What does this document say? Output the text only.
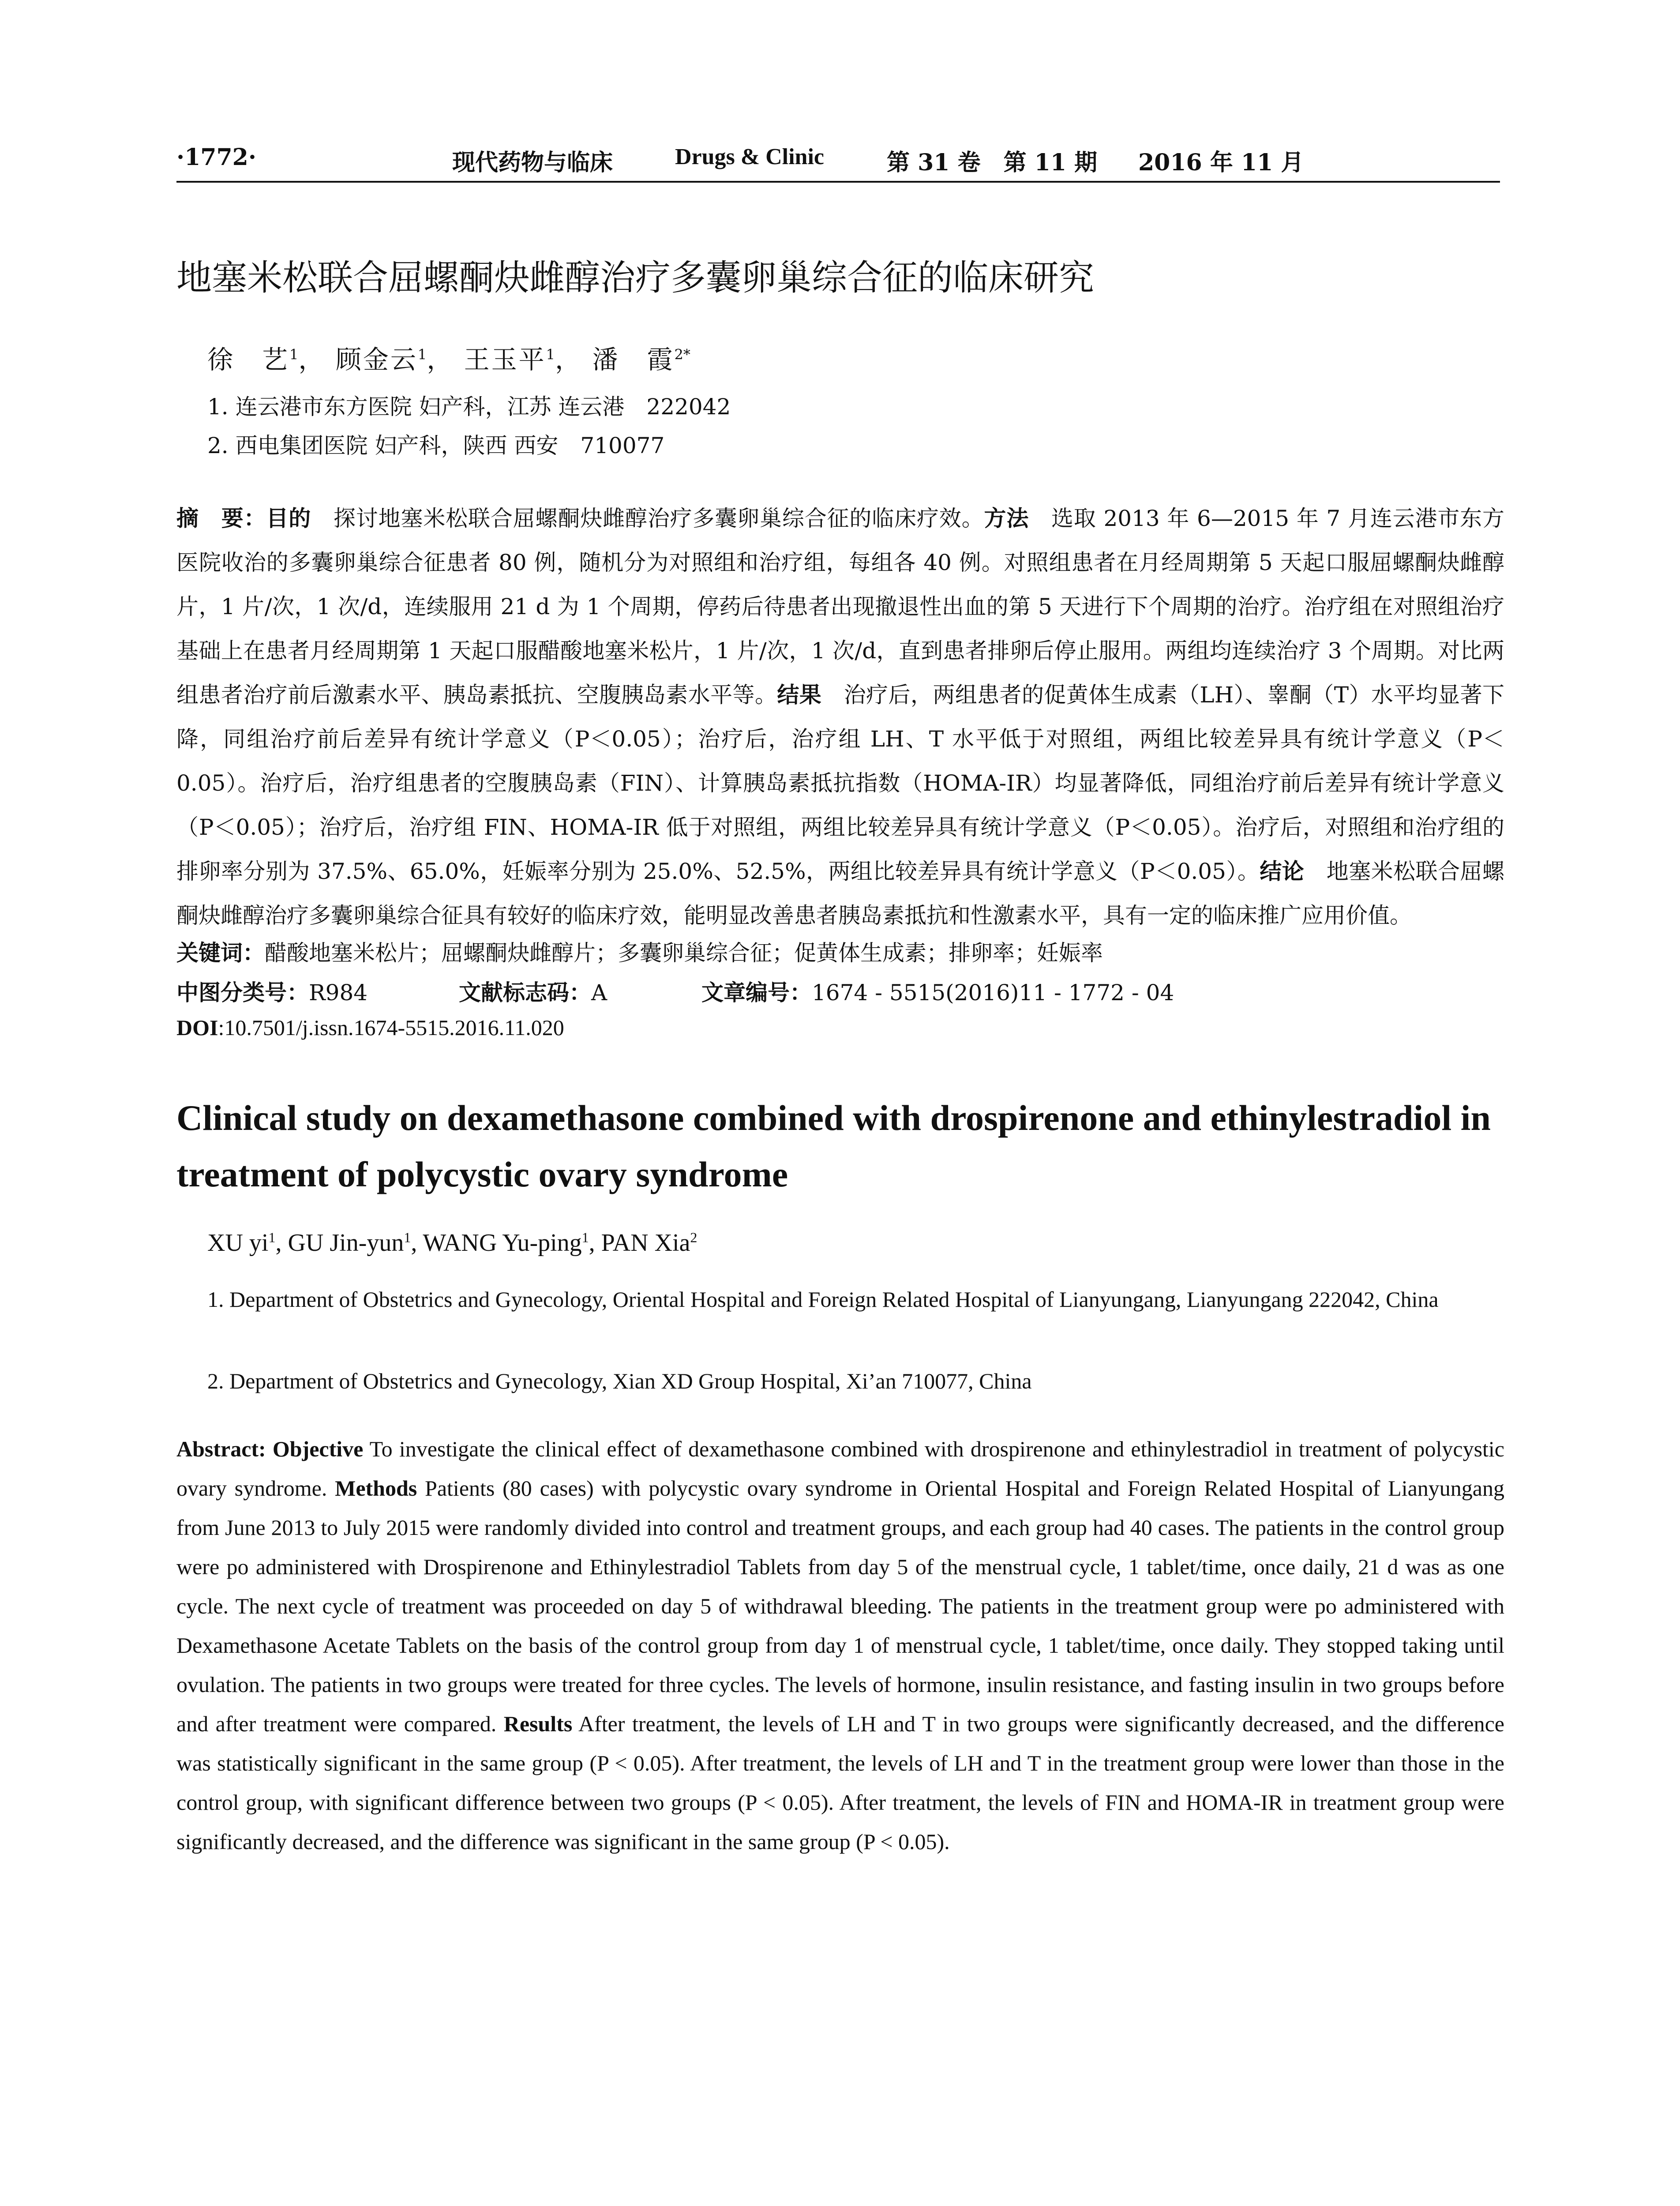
·1772·	现代药物与临床	Drugs & Clinic	第 31 卷　第 11 期 2016 年 11 月
地塞米松联合屈螺酮炔雌醇治疗多囊卵巢综合征的临床研究
徐　艺$^1$， 顾金云$^1$， 王玉平$^1$， 潘　霞$^{2*}$
1. 连云港市东方医院 妇产科，江苏 连云港　222042
2. 西电集团医院 妇产科，陕西 西安　710077
摘　要：目的　探讨地塞米松联合屈螺酮炔雌醇治疗多囊卵巢综合征的临床疗效。方法　选取 2013 年 6—2015 年 7 月连云港市东方医院收治的多囊卵巢综合征患者 80 例，随机分为对照组和治疗组，每组各 40 例。对照组患者在月经周期第 5 天起口服屈螺酮炔雌醇片，1 片/次，1 次/d，连续服用 21 d 为 1 个周期，停药后待患者出现撤退性出血的第 5 天进行下个周期的治疗。治疗组在对照组治疗基础上在患者月经周期第 1 天起口服醋酸地塞米松片，1 片/次，1 次/d，直到患者排卵后停止服用。两组均连续治疗 3 个周期。对比两组患者治疗前后激素水平、胰岛素抵抗、空腹胰岛素水平等。结果　治疗后，两组患者的促黄体生成素（LH）、睾酮（T）水平均显著下降，同组治疗前后差异有统计学意义（P＜0.05）；治疗后，治疗组 LH、T 水平低于对照组，两组比较差异具有统计学意义（P＜0.05）。治疗后，治疗组患者的空腹胰岛素（FIN）、计算胰岛素抵抗指数（HOMA-IR）均显著降低，同组治疗前后差异有统计学意义（P＜0.05）；治疗后，治疗组 FIN、HOMA-IR 低于对照组，两组比较差异具有统计学意义（P＜0.05）。治疗后，对照组和治疗组的排卵率分别为 37.5%、65.0%，妊娠率分别为 25.0%、52.5%，两组比较差异具有统计学意义（P＜0.05）。结论　地塞米松联合屈螺酮炔雌醇治疗多囊卵巢综合征具有较好的临床疗效，能明显改善患者胰岛素抵抗和性激素水平，具有一定的临床推广应用价值。
关键词：醋酸地塞米松片；屈螺酮炔雌醇片；多囊卵巢综合征；促黄体生成素；排卵率；妊娠率
中图分类号：R984	文献标志码：A	文章编号：1674 - 5515(2016)11 - 1772 - 04
DOI:10.7501/j.issn.1674-5515.2016.11.020
Clinical study on dexamethasone combined with drospirenone and ethinylestradiol in treatment of polycystic ovary syndrome
XU $yi^1$, GU Jin-yun$^1$, WANG Yu-ping$^1$, PAN Xia$^2$
1. Department of Obstetrics and Gynecology, Oriental Hospital and Foreign Related Hospital of Lianyungang, Lianyungang 222042, China
2. Department of Obstetrics and Gynecology, Xian XD Group Hospital, Xi’an 710077, China
Abstract: Objective To investigate the clinical effect of dexamethasone combined with drospirenone and ethinylestradiol in treatment of polycystic ovary syndrome. Methods Patients (80 cases) with polycystic ovary syndrome in Oriental Hospital and Foreign Related Hospital of Lianyungang from June 2013 to July 2015 were randomly divided into control and treatment groups, and each group had 40 cases. The patients in the control group were po administered with Drospirenone and Ethinylestradiol Tablets from day 5 of the menstrual cycle, 1 tablet/time, once daily, 21 d was as one cycle. The next cycle of treatment was proceeded on day 5 of withdrawal bleeding. The patients in the treatment group were po administered with Dexamethasone Acetate Tablets on the basis of the control group from day 1 of menstrual cycle, 1 tablet/time, once daily. They stopped taking until ovulation. The patients in two groups were treated for three cycles. The levels of hormone, insulin resistance, and fasting insulin in two groups before and after treatment were compared. Results After treatment, the levels of LH and T in two groups were significantly decreased, and the difference was statistically significant in the same group (P < 0.05). After treatment, the levels of LH and T in the treatment group were lower than those in the control group, with significant difference between two groups (P < 0.05). After treatment, the levels of FIN and HOMA-IR in treatment group were significantly decreased, and the difference was significant in the same group (P < 0.05).
